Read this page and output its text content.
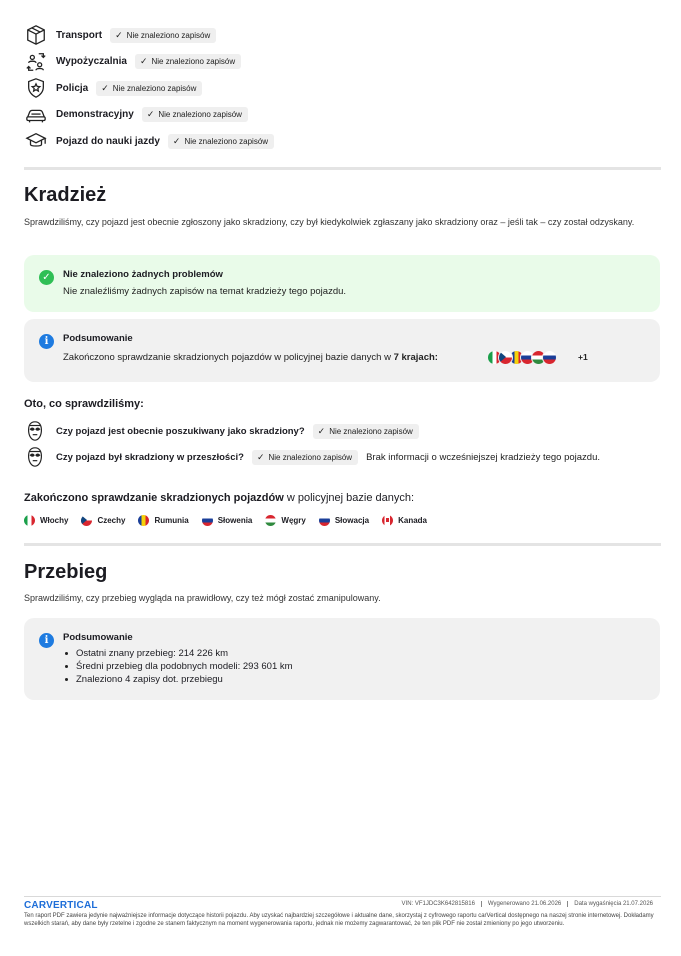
Transport ✓ Nie znaleziono zapisów
Wypożyczalnia ✓ Nie znaleziono zapisów
Policja ✓ Nie znaleziono zapisów
Demonstracyjny ✓ Nie znaleziono zapisów
Pojazd do nauki jazdy ✓ Nie znaleziono zapisów
Kradzież
Sprawdziliśmy, czy pojazd jest obecnie zgłoszony jako skradziony, czy był kiedykolwiek zgłaszany jako skradziony oraz – jeśli tak – czy został odzyskany.
✓	Nie znaleziono żadnych problemów
Nie znaleźliśmy żadnych zapisów na temat kradzieży tego pojazdu.
i	Podsumowanie
Zakończono sprawdzanie skradzionych pojazdów w policyjnej bazie danych w 7 krajach:	+1
Oto, co sprawdziliśmy:
Czy pojazd jest obecnie poszukiwany jako skradziony? ✓ Nie znaleziono zapisów
Czy pojazd był skradziony w przeszłości? ✓ Nie znaleziono zapisów Brak informacji o wcześniejszej kradzieży tego pojazdu.
Zakończono sprawdzanie skradzionych pojazdów w policyjnej bazie danych:
Włochy	Czechy	Rumunia	Słowenia	Węgry	Słowacja	Kanada
Przebieg
Sprawdziliśmy, czy przebieg wygląda na prawidłowy, czy też mógł zostać zmanipulowany.
i	Podsumowanie
Ostatni znany przebieg: 214 226 km
Średni przebieg dla podobnych modeli: 293 601 km
Znaleziono 4 zapisy dot. przebiegu
CARVERTICAL	VIN: VF1JDC3K642815816	Wygenerowano 21.06.2026	Data wygaśnięcia 21.07.2026
Ten raport PDF zawiera jedynie najważniejsze informacje dotyczące historii pojazdu. Aby uzyskać najbardziej szczegółowe i aktualne dane, skorzystaj z cyfrowego raportu carVertical dostępnego na naszej stronie internetowej. Dokładamy wszelkich starań, aby dane były rzetelne i zgodne ze stanem faktycznym na moment wygenerowania raportu, jednak nie możemy zagwarantować, że ten plik PDF nie został zmieniony po jego utworzeniu.
